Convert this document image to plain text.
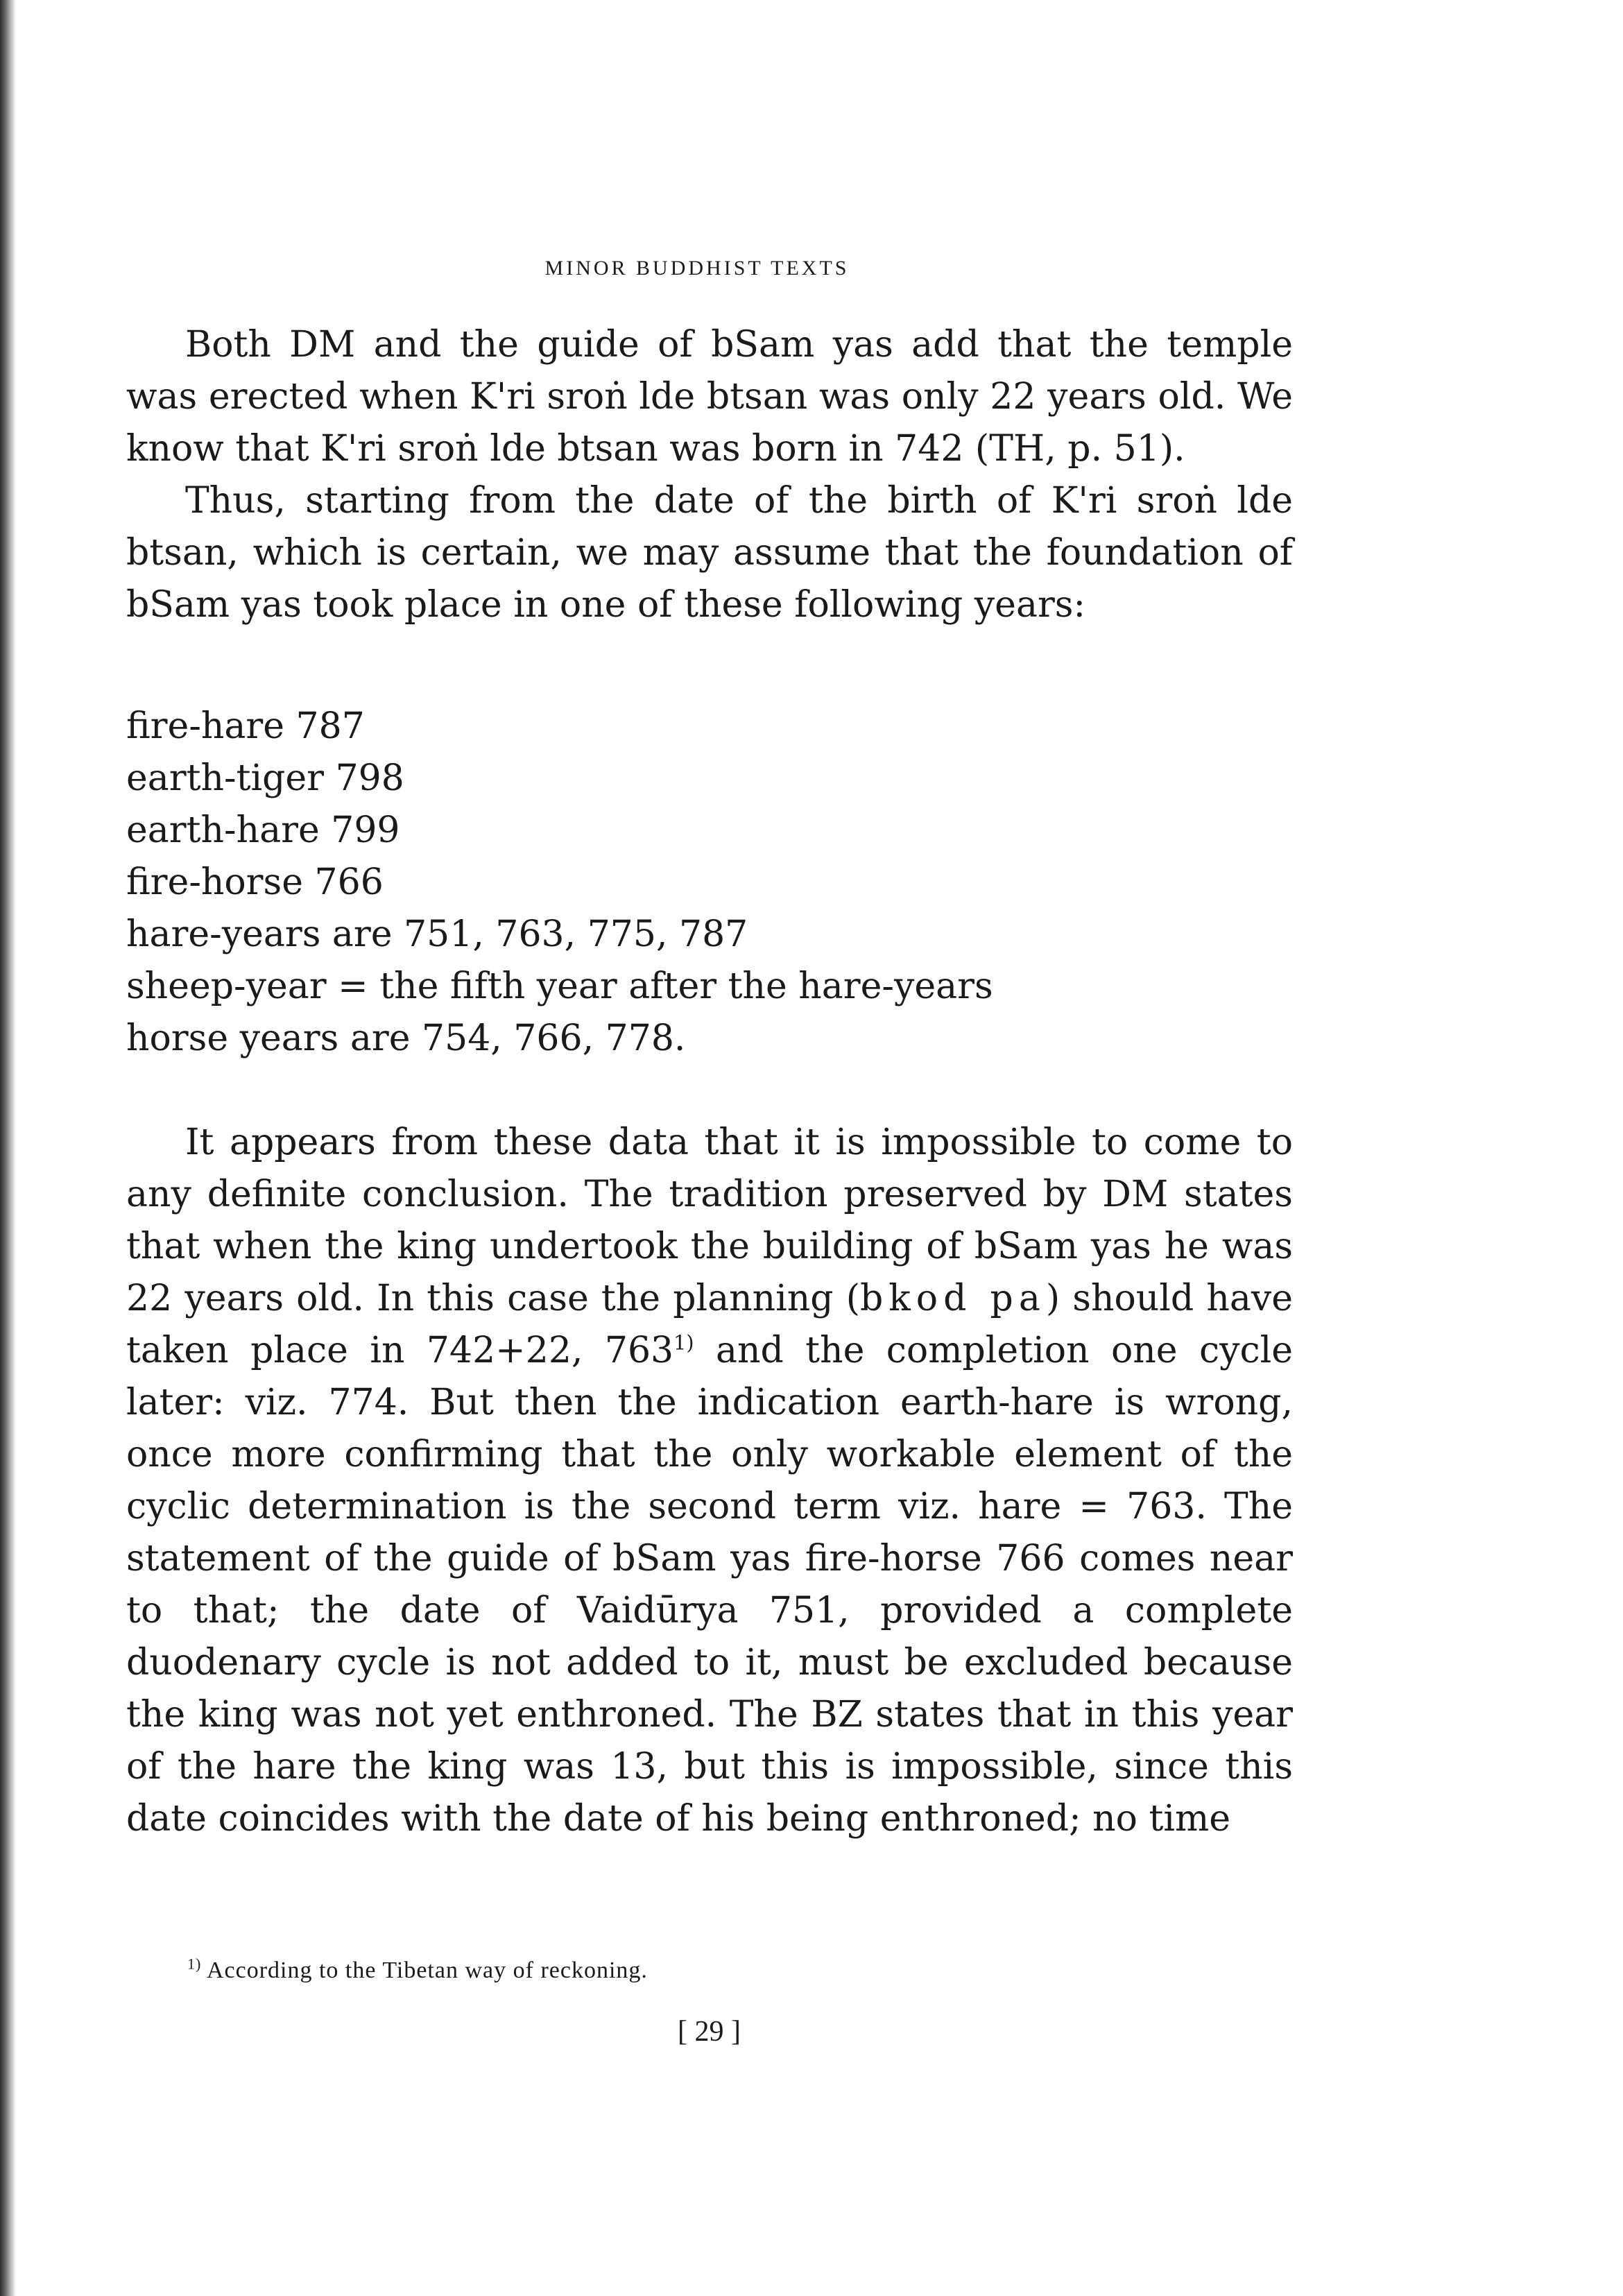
MINOR BUDDHIST TEXTS

Both DM and the guide of bSam yas add that the temple was erected when K'ri sroṅ lde btsan was only 22 years old. We know that K'ri sroṅ lde btsan was born in 742 (TH, p. 51).

Thus, starting from the date of the birth of K'ri sroṅ lde btsan, which is certain, we may assume that the foundation of bSam yas took place in one of these following years:

fire-hare 787
earth-tiger 798
earth-hare 799
fire-horse 766
hare-years are 751, 763, 775, 787
sheep-year = the fifth year after the hare-years
horse years are 754, 766, 778.

It appears from these data that it is impossible to come to any definite conclusion. The tradition preserved by DM states that when the king undertook the building of bSam yas he was 22 years old. In this case the planning (bkod pa) should have taken place in 742+22, 763$^{1)}$ and the completion one cycle later: viz. 774. But then the indication earth-hare is wrong, once more confirming that the only workable element of the cyclic determination is the second term viz. hare = 763. The statement of the guide of bSam yas fire-horse 766 comes near to that; the date of Vaidūrya 751, provided a complete duodenary cycle is not added to it, must be excluded because the king was not yet enthroned. The BZ states that in this year of the hare the king was 13, but this is impossible, since this date coincides with the date of his being enthroned; no time

$^{1)}$ According to the Tibetan way of reckoning.
[ 29 ]
